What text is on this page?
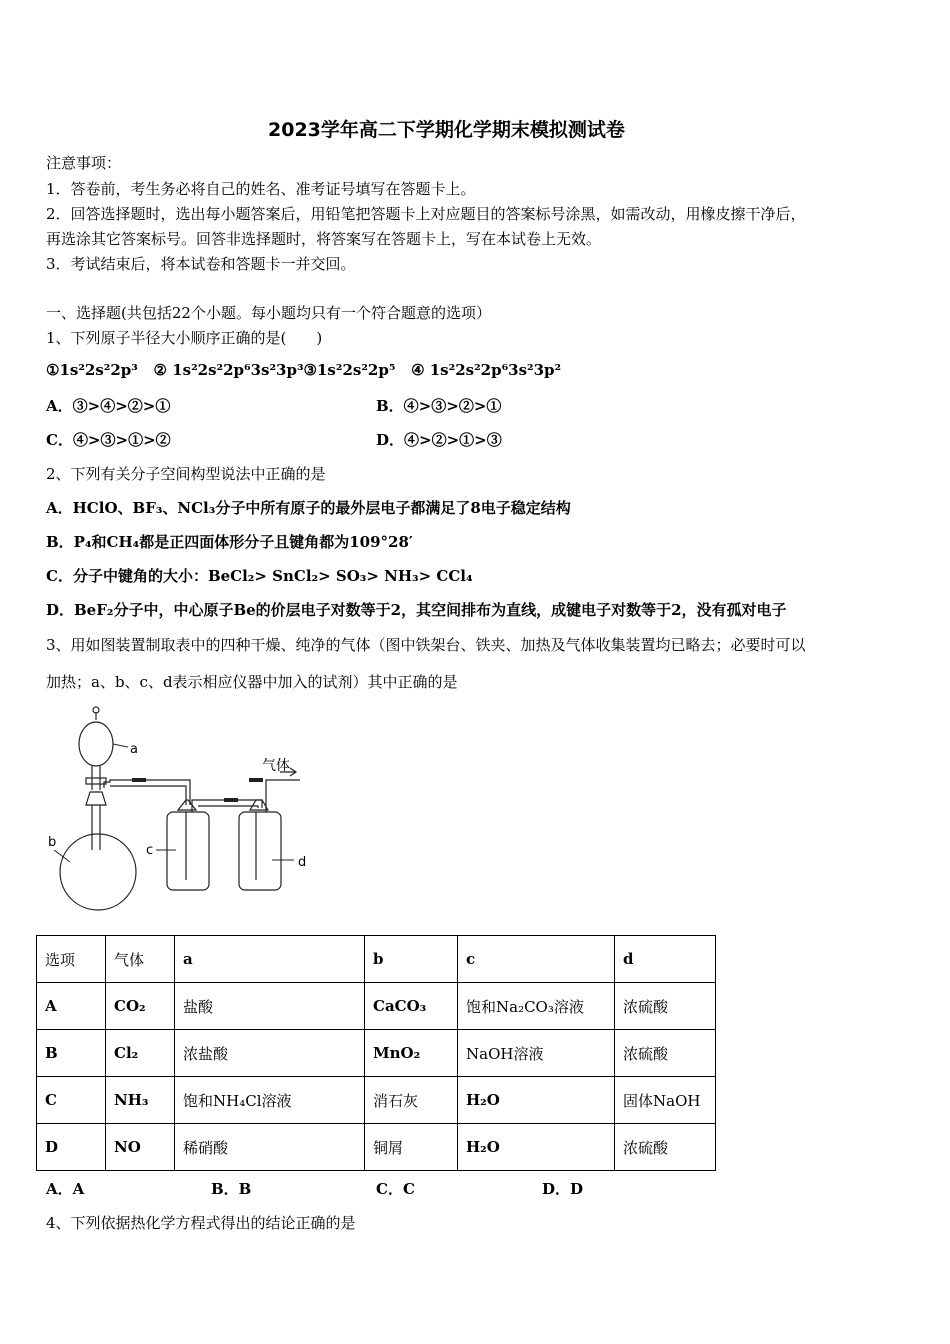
2023学年高二下学期化学期末模拟测试卷
注意事项：
1．答卷前，考生务必将自己的姓名、准考证号填写在答题卡上。
2．回答选择题时，选出每小题答案后，用铅笔把答题卡上对应题目的答案标号涂黑，如需改动，用橡皮擦干净后，
再选涂其它答案标号。回答非选择题时，将答案写在答题卡上，写在本试卷上无效。
3．考试结束后，将本试卷和答题卡一并交回。
一、选择题(共包括22个小题。每小题均只有一个符合题意的选项）
1、下列原子半径大小顺序正确的是(　　)
①1s²2s²2p³ ② 1s²2s²2p⁶3s²3p³③1s²2s²2p⁵ ④ 1s²2s²2p⁶3s²3p²
A．③>④>②>①	B．④>③>②>①
C．④>③>①>②	D．④>②>①>③
2、下列有关分子空间构型说法中正确的是
A．HClO、BF₃、NCl₃分子中所有原子的最外层电子都满足了8电子稳定结构
B．P₄和CH₄都是正四面体形分子且键角都为109°28′
C．分子中键角的大小：BeCl₂> SnCl₂> SO₃> NH₃> CCl₄
D．BeF₂分子中，中心原子Be的价层电子对数等于2，其空间排布为直线，成键电子对数等于2，没有孤对电子
3、用如图装置制取表中的四种干燥、纯净的气体（图中铁架台、铁夹、加热及气体收集装置均已略去；必要时可以
加热；a、b、c、d表示相应仪器中加入的试剂）其中正确的是
a
b
c
d
气体
选项	气体	a	b	c	d
A	CO₂	盐酸	CaCO₃	饱和Na₂CO₃溶液	浓硫酸
B	Cl₂	浓盐酸	MnO₂	NaOH溶液	浓硫酸
C	NH₃	饱和NH₄Cl溶液	消石灰	H₂O	固体NaOH
D	NO	稀硝酸	铜屑	H₂O	浓硫酸
A．A	B．B	C．C	D．D
4、下列依据热化学方程式得出的结论正确的是
